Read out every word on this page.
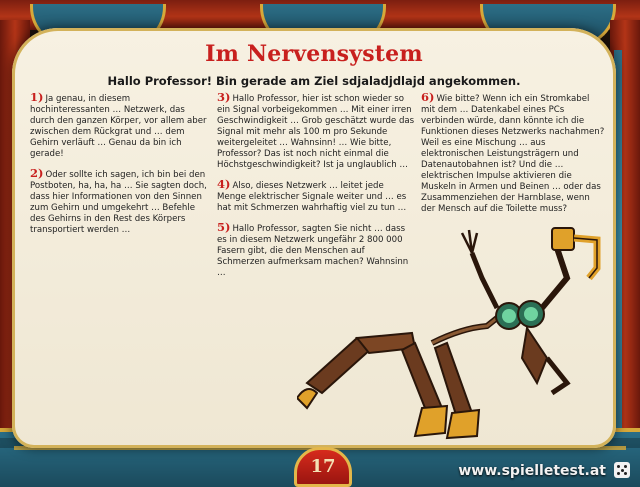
Im Nervensystem

Hallo Professor! Bin gerade am Ziel sdjaladjdlajd angekommen.

1) Ja genau, in diesem hochinteressanten … Netzwerk, das durch den ganzen Körper, vor allem aber zwischen dem Rückgrat und … dem Gehirn verläuft … Genau da bin ich gerade!

2) Oder sollte ich sagen, ich bin bei den Postboten, ha, ha, ha … Sie sagten doch, dass hier Informationen von den Sinnen zum Gehirn und umgekehrt … Befehle des Gehirns in den Rest des Körpers transportiert werden …

3) Hallo Professor, hier ist schon wieder so ein Signal vorbeigekommen … Mit einer irren Geschwindigkeit … Grob geschätzt wurde das Signal mit mehr als 100 m pro Sekunde weitergeleitet … Wahnsinn! … Wie bitte, Professor? Das ist noch nicht einmal die Höchstgeschwindigkeit? Ist ja unglaublich …

4) Also, dieses Netzwerk … leitet jede Menge elektrischer Signale weiter und … es hat mit Schmerzen wahrhaftig viel zu tun …

5) Hallo Professor, sagten Sie nicht … dass es in diesem Netzwerk ungefähr 2 800 000 Fasern gibt, die den Menschen auf Schmerzen aufmerksam machen? Wahnsinn …

6) Wie bitte? Wenn ich ein Stromkabel mit dem … Datenkabel eines PCs verbinden würde, dann könnte ich die Funktionen dieses Netzwerks nachahmen? Weil es eine Mischung … aus elektronischen Leistungsträgern und Datenautobahnen ist? Und die … elektrischen Impulse aktivieren die Muskeln in Armen und Beinen … oder das Zusammenziehen der Harnblase, wenn der Mensch auf die Toilette muss?

17	www.spielletest.at
